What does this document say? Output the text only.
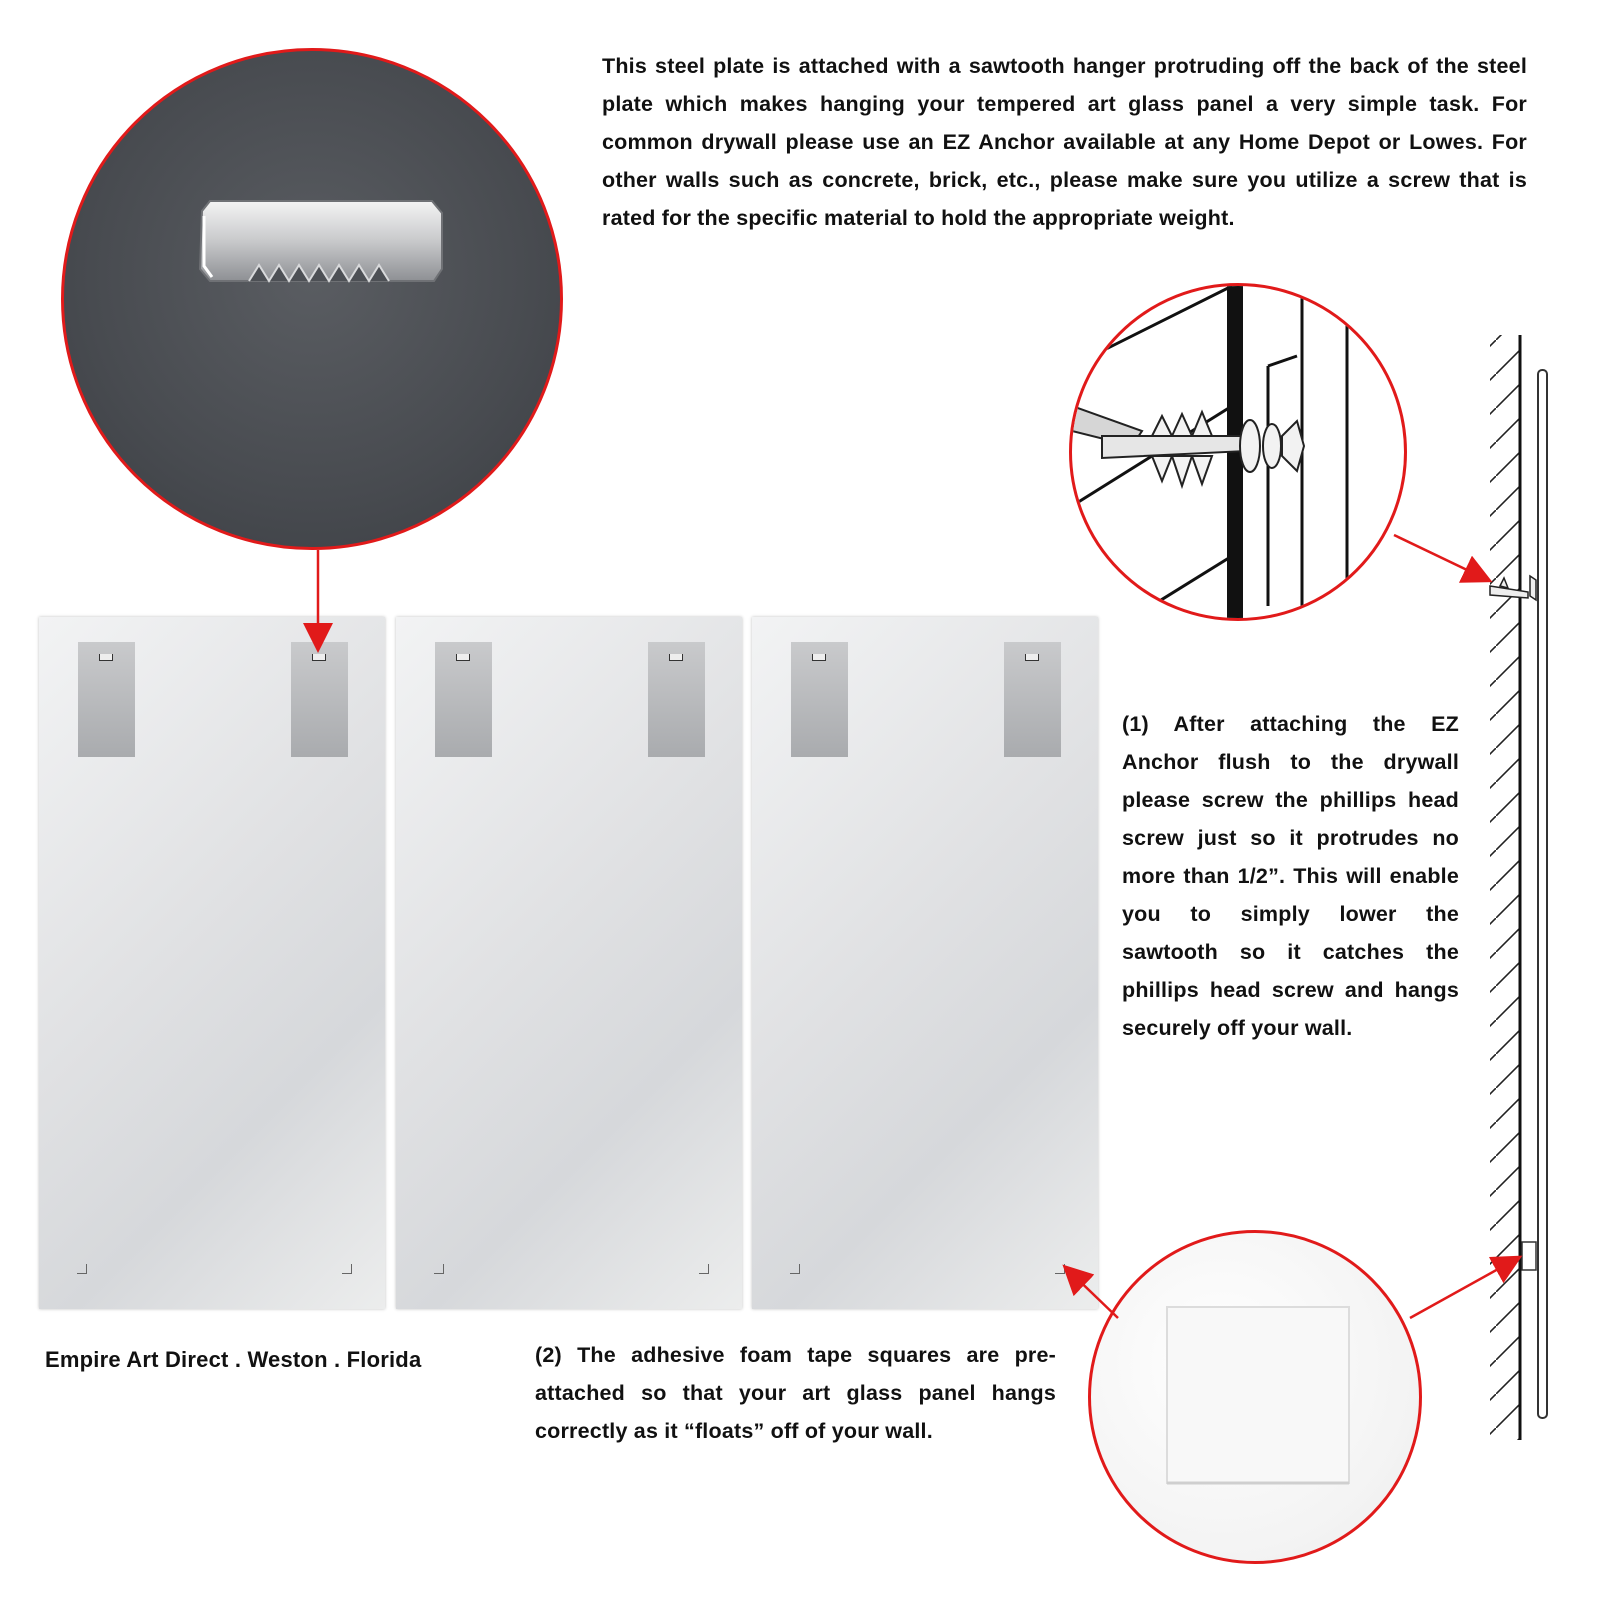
This steel plate is attached with a sawtooth hanger protruding off the back of the steel plate which makes hanging your tempered art glass panel a very simple task. For common drywall please use an EZ Anchor available at any Home Depot or Lowes. For other walls such as concrete, brick, etc., please make sure you utilize a screw that is rated for the specific material to hold the appropriate weight.

(1) After attaching the EZ Anchor flush to the drywall please screw the phillips head screw just so it protrudes no more than 1/2”. This will enable you to simply lower the sawtooth so it catches the phillips head screw and hangs securely off your wall.

(2) The adhesive foam tape squares are pre-attached so that your art glass panel hangs correctly as it “floats” off of your wall.

Empire Art Direct . Weston . Florida
